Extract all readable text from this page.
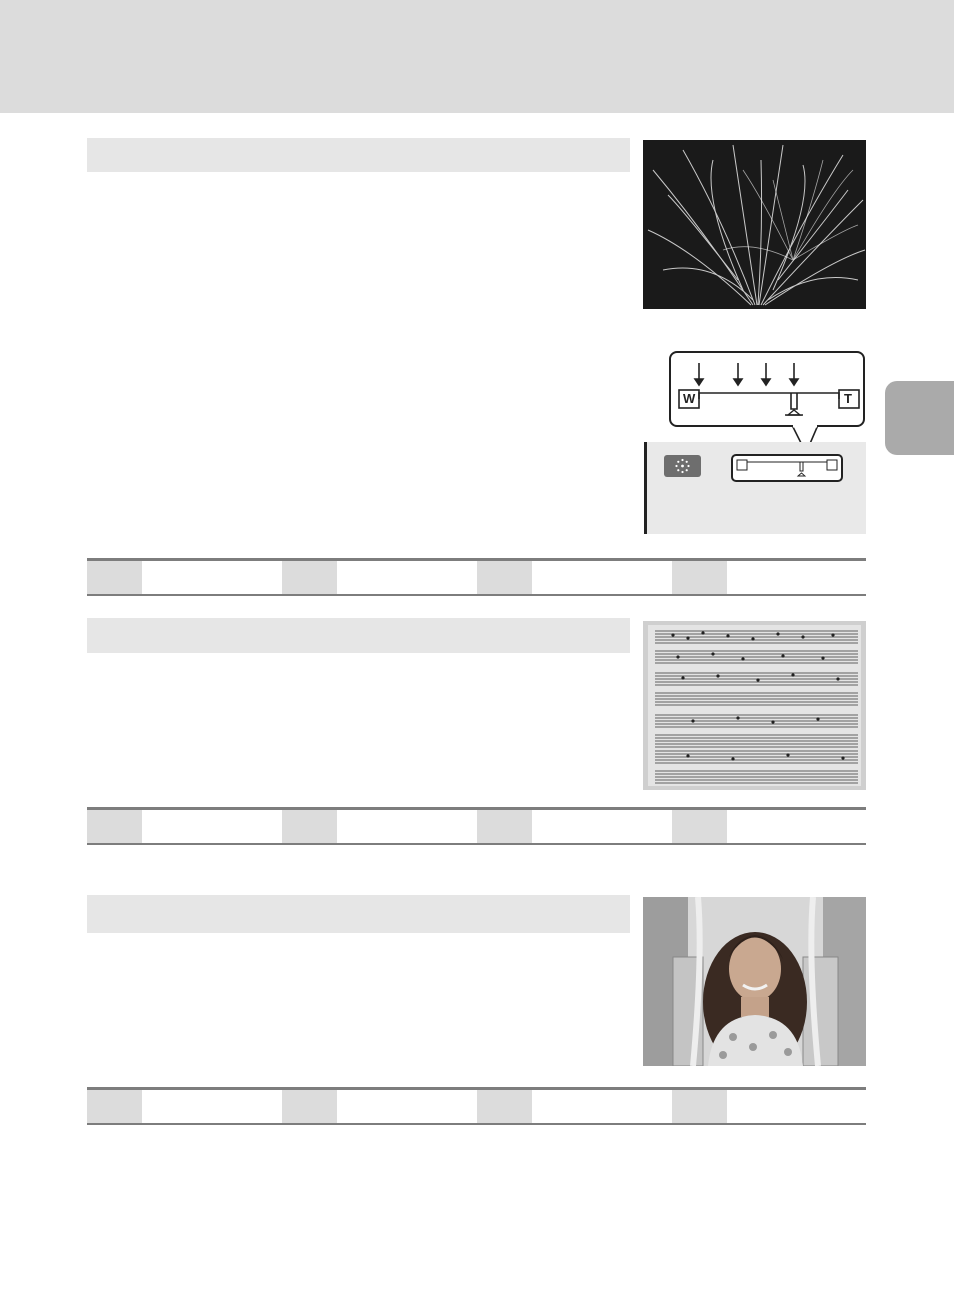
W	T
